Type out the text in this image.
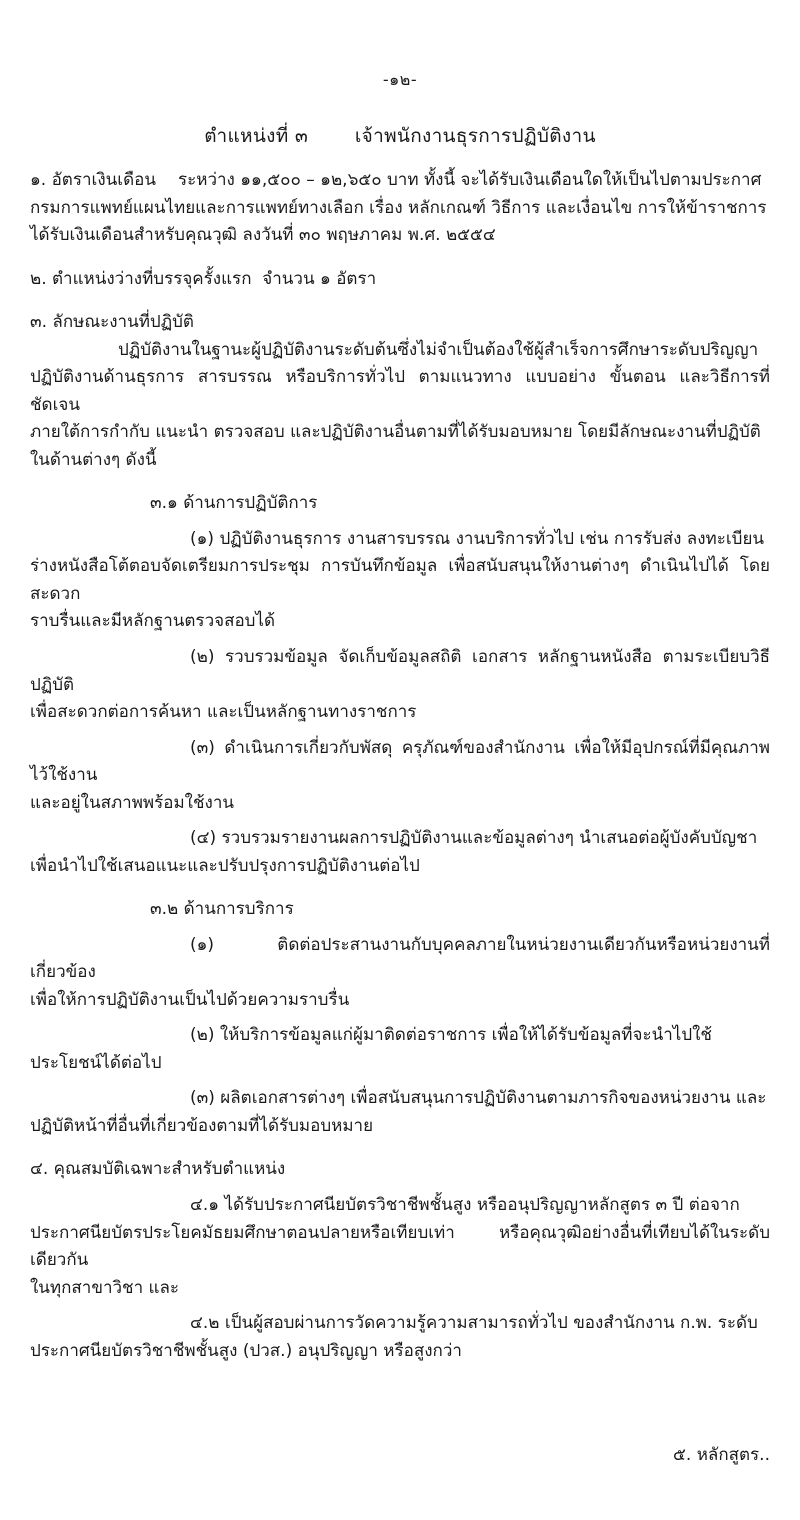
-๑๒-
ตำแหน่งที่ ๓ เจ้าพนักงานธุรการปฏิบัติงาน

๑. อัตราเงินเดือน ระหว่าง ๑๑,๕๐๐ – ๑๒,๖๕๐ บาท ทั้งนี้ จะได้รับเงินเดือนใดให้เป็นไปตามประกาศ

กรมการแพทย์แผนไทยและการแพทย์ทางเลือก เรื่อง หลักเกณฑ์ วิธีการ และเงื่อนไข การให้ข้าราชการ

ได้รับเงินเดือนสำหรับคุณวุฒิ ลงวันที่ ๓๐ พฤษภาคม พ.ศ. ๒๕๕๔

๒. ตำแหน่งว่างที่บรรจุครั้งแรก จำนวน ๑ อัตรา

๓. ลักษณะงานที่ปฏิบัติ

ปฏิบัติงานในฐานะผู้ปฏิบัติงานระดับต้นซึ่งไม่จำเป็นต้องใช้ผู้สำเร็จการศึกษาระดับปริญญา

ปฏิบัติงานด้านธุรการ สารบรรณ หรือบริการทั่วไป ตามแนวทาง แบบอย่าง ขั้นตอน และวิธีการที่ชัดเจน

ภายใต้การกำกับ แนะนำ ตรวจสอบ และปฏิบัติงานอื่นตามที่ได้รับมอบหมาย โดยมีลักษณะงานที่ปฏิบัติ

ในด้านต่างๆ ดังนี้

๓.๑ ด้านการปฏิบัติการ

(๑) ปฏิบัติงานธุรการ งานสารบรรณ งานบริการทั่วไป เช่น การรับส่ง ลงทะเบียน

ร่างหนังสือโต้ตอบจัดเตรียมการประชุม การบันทึกข้อมูล เพื่อสนับสนุนให้งานต่างๆ ดำเนินไปได้ โดยสะดวก

ราบรื่นและมีหลักฐานตรวจสอบได้

(๒) รวบรวมข้อมูล จัดเก็บข้อมูลสถิติ เอกสาร หลักฐานหนังสือ ตามระเบียบวิธีปฏิบัติ

เพื่อสะดวกต่อการค้นหา และเป็นหลักฐานทางราชการ

(๓) ดำเนินการเกี่ยวกับพัสดุ ครุภัณฑ์ของสำนักงาน เพื่อให้มีอุปกรณ์ที่มีคุณภาพไว้ใช้งาน

และอยู่ในสภาพพร้อมใช้งาน

(๔) รวบรวมรายงานผลการปฏิบัติงานและข้อมูลต่างๆ นำเสนอต่อผู้บังคับบัญชา

เพื่อนำไปใช้เสนอแนะและปรับปรุงการปฏิบัติงานต่อไป

๓.๒ ด้านการบริการ

(๑) ติดต่อประสานงานกับบุคคลภายในหน่วยงานเดียวกันหรือหน่วยงานที่เกี่ยวข้อง

เพื่อให้การปฏิบัติงานเป็นไปด้วยความราบรื่น

(๒) ให้บริการข้อมูลแก่ผู้มาติดต่อราชการ เพื่อให้ได้รับข้อมูลที่จะนำไปใช้ประโยชน์ได้ต่อไป

(๓) ผลิตเอกสารต่างๆ เพื่อสนับสนุนการปฏิบัติงานตามภารกิจของหน่วยงาน และ

ปฏิบัติหน้าที่อื่นที่เกี่ยวข้องตามที่ได้รับมอบหมาย

๔. คุณสมบัติเฉพาะสำหรับตำแหน่ง

๔.๑ ได้รับประกาศนียบัตรวิชาชีพชั้นสูง หรืออนุปริญญาหลักสูตร ๓ ปี ต่อจาก

ประกาศนียบัตรประโยคมัธยมศึกษาตอนปลายหรือเทียบเท่า หรือคุณวุฒิอย่างอื่นที่เทียบได้ในระดับเดียวกัน

ในทุกสาขาวิชา และ

๔.๒ เป็นผู้สอบผ่านการวัดความรู้ความสามารถทั่วไป ของสำนักงาน ก.พ. ระดับ

ประกาศนียบัตรวิชาชีพชั้นสูง (ปวส.) อนุปริญญา หรือสูงกว่า

๕. หลักสูตร..
